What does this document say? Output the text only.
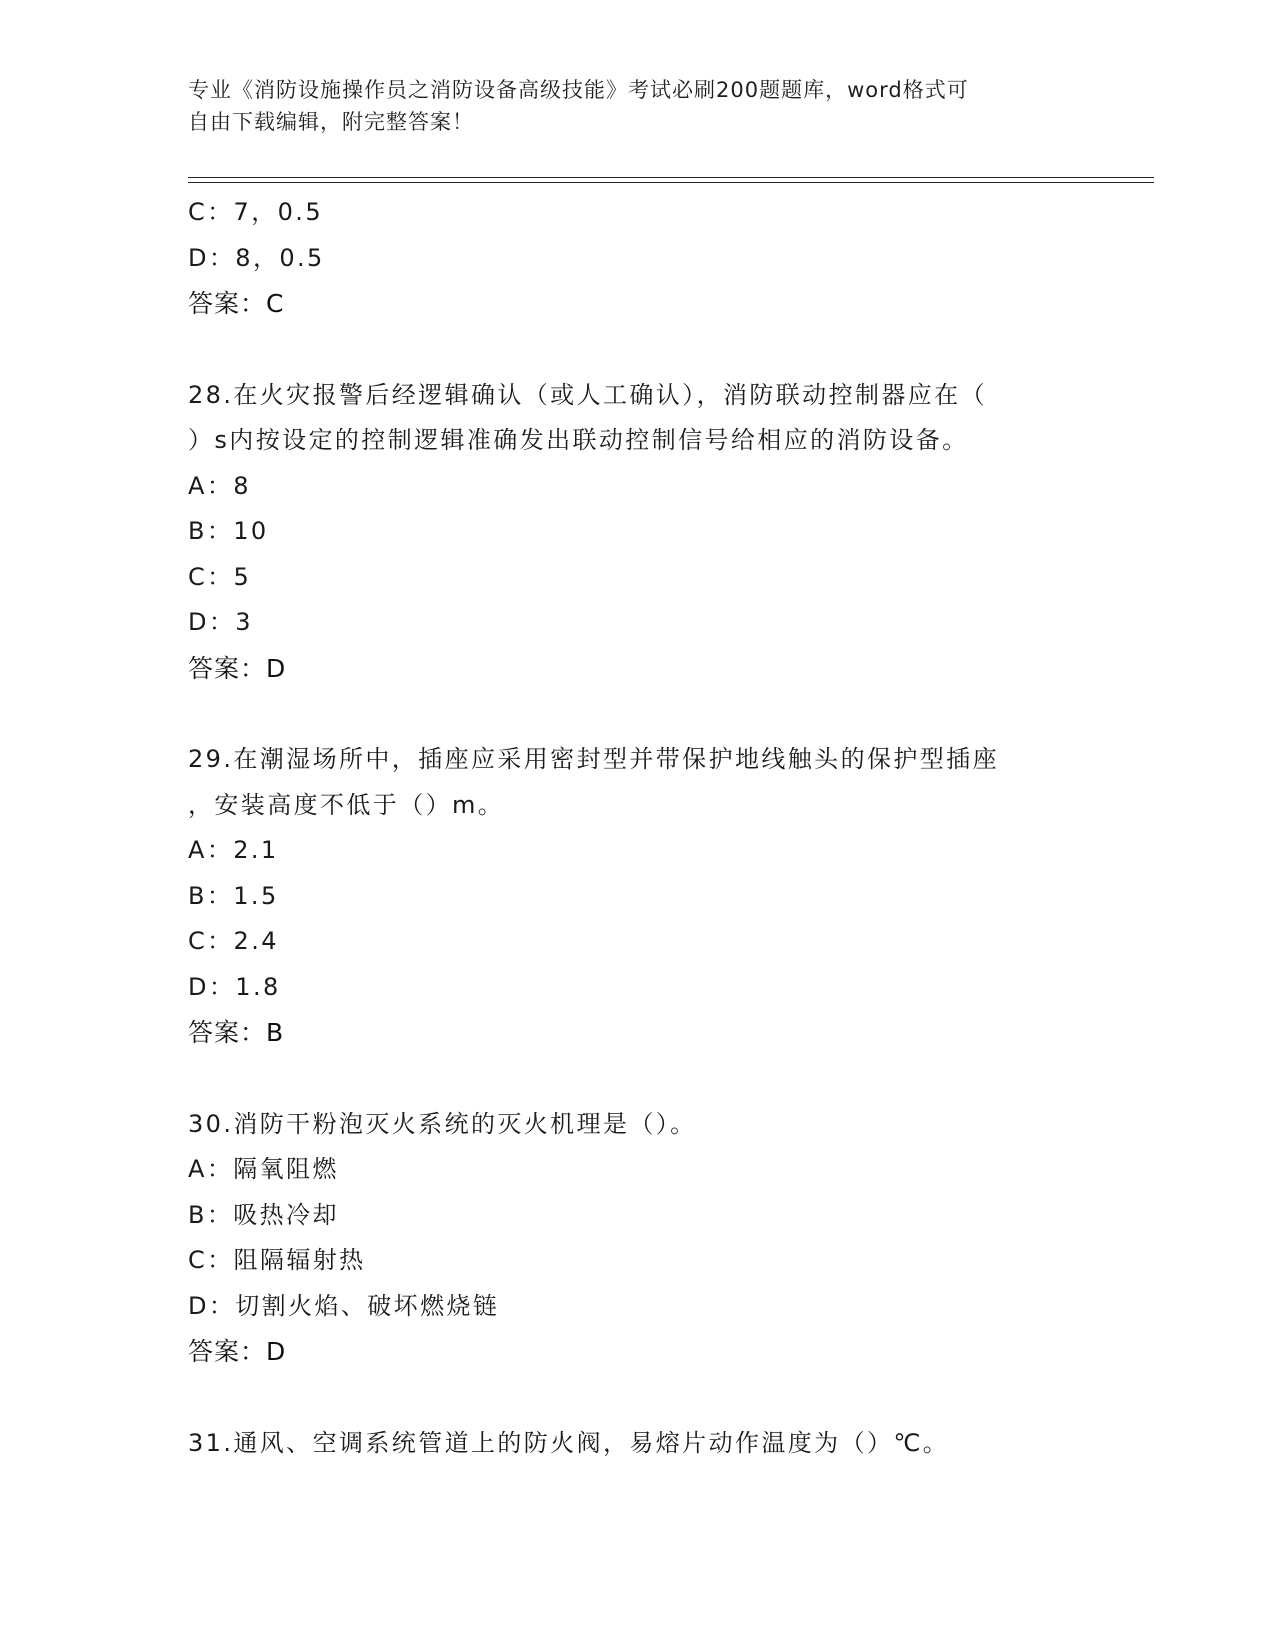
专业《消防设施操作员之消防设备高级技能》考试必刷200题题库，word格式可
自由下载编辑，附完整答案！
C：7，0.5
D：8，0.5
答案：C
28.在火灾报警后经逻辑确认（或人工确认），消防联动控制器应在（
）s内按设定的控制逻辑准确发出联动控制信号给相应的消防设备。
A：8
B：10
C：5
D：3
答案：D
29.在潮湿场所中，插座应采用密封型并带保护地线触头的保护型插座
，安装高度不低于（）m。
A：2.1
B：1.5
C：2.4
D：1.8
答案：B
30.消防干粉泡灭火系统的灭火机理是（）。
A：隔氧阻燃
B：吸热冷却
C：阻隔辐射热
D：切割火焰、破坏燃烧链
答案：D
31.通风、空调系统管道上的防火阀，易熔片动作温度为（）℃。
